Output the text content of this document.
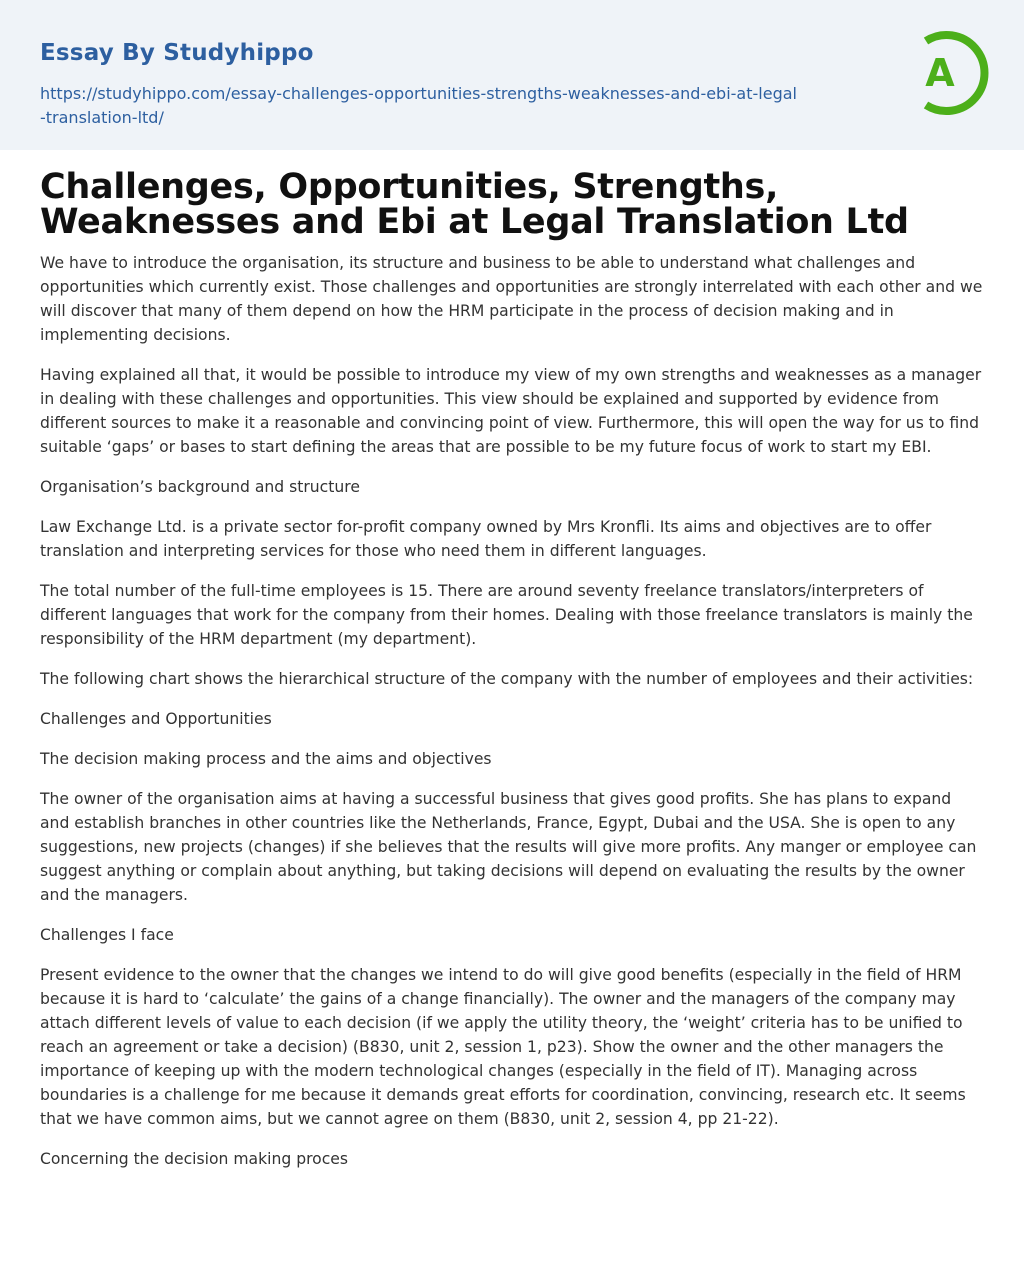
Essay By Studyhippo
https://studyhippo.com/essay-challenges-opportunities-strengths-weaknesses-and-ebi-at-legal-translation-ltd/
A
Challenges, Opportunities, Strengths, Weaknesses and Ebi at Legal Translation Ltd

We have to introduce the organisation, its structure and business to be able to understand what challenges and opportunities which currently exist. Those challenges and opportunities are strongly interrelated with each other and we will discover that many of them depend on how the HRM participate in the process of decision making and in implementing decisions.

Having explained all that, it would be possible to introduce my view of my own strengths and weaknesses as a manager in dealing with these challenges and opportunities. This view should be explained and supported by evidence from different sources to make it a reasonable and convincing point of view. Furthermore, this will open the way for us to find suitable ‘gaps’ or bases to start defining the areas that are possible to be my future focus of work to start my EBI.

Organisation’s background and structure

Law Exchange Ltd. is a private sector for-profit company owned by Mrs Kronfli. Its aims and objectives are to offer translation and interpreting services for those who need them in different languages.

The total number of the full-time employees is 15. There are around seventy freelance translators/interpreters of different languages that work for the company from their homes. Dealing with those freelance translators is mainly the responsibility of the HRM department (my department).

The following chart shows the hierarchical structure of the company with the number of employees and their activities:

Challenges and Opportunities

The decision making process and the aims and objectives

The owner of the organisation aims at having a successful business that gives good profits. She has plans to expand and establish branches in other countries like the Netherlands, France, Egypt, Dubai and the USA. She is open to any suggestions, new projects (changes) if she believes that the results will give more profits. Any manger or employee can suggest anything or complain about anything, but taking decisions will depend on evaluating the results by the owner and the managers.

Challenges I face

Present evidence to the owner that the changes we intend to do will give good benefits (especially in the field of HRM because it is hard to ‘calculate’ the gains of a change financially). The owner and the managers of the company may attach different levels of value to each decision (if we apply the utility theory, the ‘weight’ criteria has to be unified to reach an agreement or take a decision) (B830, unit 2, session 1, p23). Show the owner and the other managers the importance of keeping up with the modern technological changes (especially in the field of IT). Managing across boundaries is a challenge for me because it demands great efforts for coordination, convincing, research etc. It seems that we have common aims, but we cannot agree on them (B830, unit 2, session 4, pp 21-22).

Concerning the decision making proces
